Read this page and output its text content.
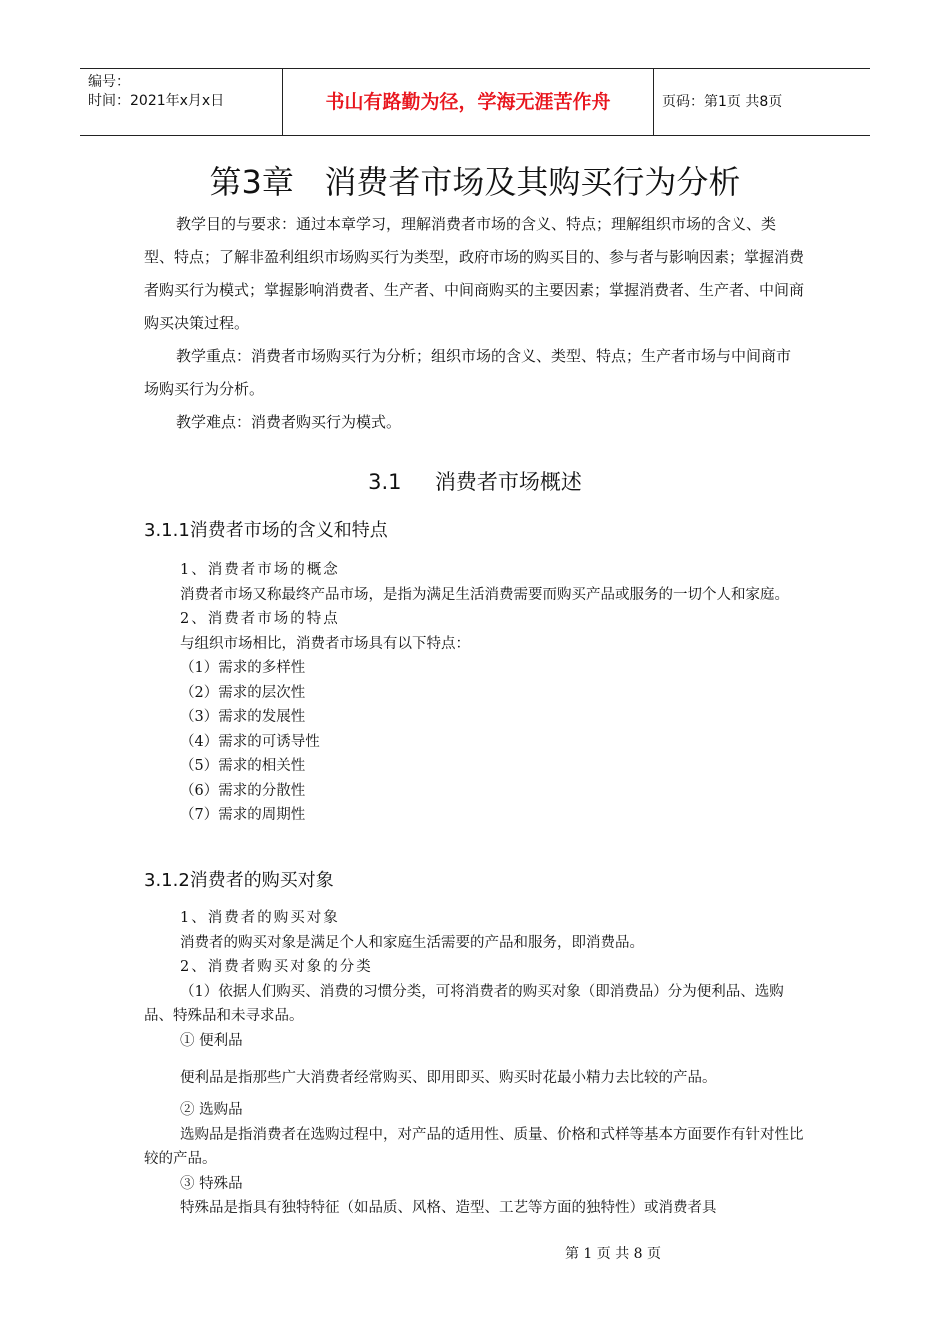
编号：
时间：2021年x月x日	书山有路勤为径，学海无涯苦作舟	页码：第1页 共8页
第3章   消费者市场及其购买行为分析

教学目的与要求：通过本章学习，理解消费者市场的含义、特点；理解组织市场的含义、类型、特点；了解非盈利组织市场购买行为类型，政府市场的购买目的、参与者与影响因素；掌握消费者购买行为模式；掌握影响消费者、生产者、中间商购买的主要因素；掌握消费者、生产者、中间商购买决策过程。

教学重点：消费者市场购买行为分析；组织市场的含义、类型、特点；生产者市场与中间商市场购买行为分析。

教学难点：消费者购买行为模式。

3.1     消费者市场概述
3.1.1消费者市场的含义和特点

1、消费者市场的概念

消费者市场又称最终产品市场，是指为满足生活消费需要而购买产品或服务的一切个人和家庭。

2、消费者市场的特点

与组织市场相比，消费者市场具有以下特点：

（1）需求的多样性

（2）需求的层次性

（3）需求的发展性

（4）需求的可诱导性

（5）需求的相关性

（6）需求的分散性

（7）需求的周期性

3.1.2消费者的购买对象

1、消费者的购买对象

消费者的购买对象是满足个人和家庭生活需要的产品和服务，即消费品。

2、消费者购买对象的分类

（1）依据人们购买、消费的习惯分类，可将消费者的购买对象（即消费品）分为便利品、选购品、特殊品和未寻求品。

① 便利品

便利品是指那些广大消费者经常购买、即用即买、购买时花最小精力去比较的产品。

② 选购品

选购品是指消费者在选购过程中，对产品的适用性、质量、价格和式样等基本方面要作有针对性比较的产品。

③ 特殊品

特殊品是指具有独特特征（如品质、风格、造型、工艺等方面的独特性）或消费者具

第 1 页 共 8 页
